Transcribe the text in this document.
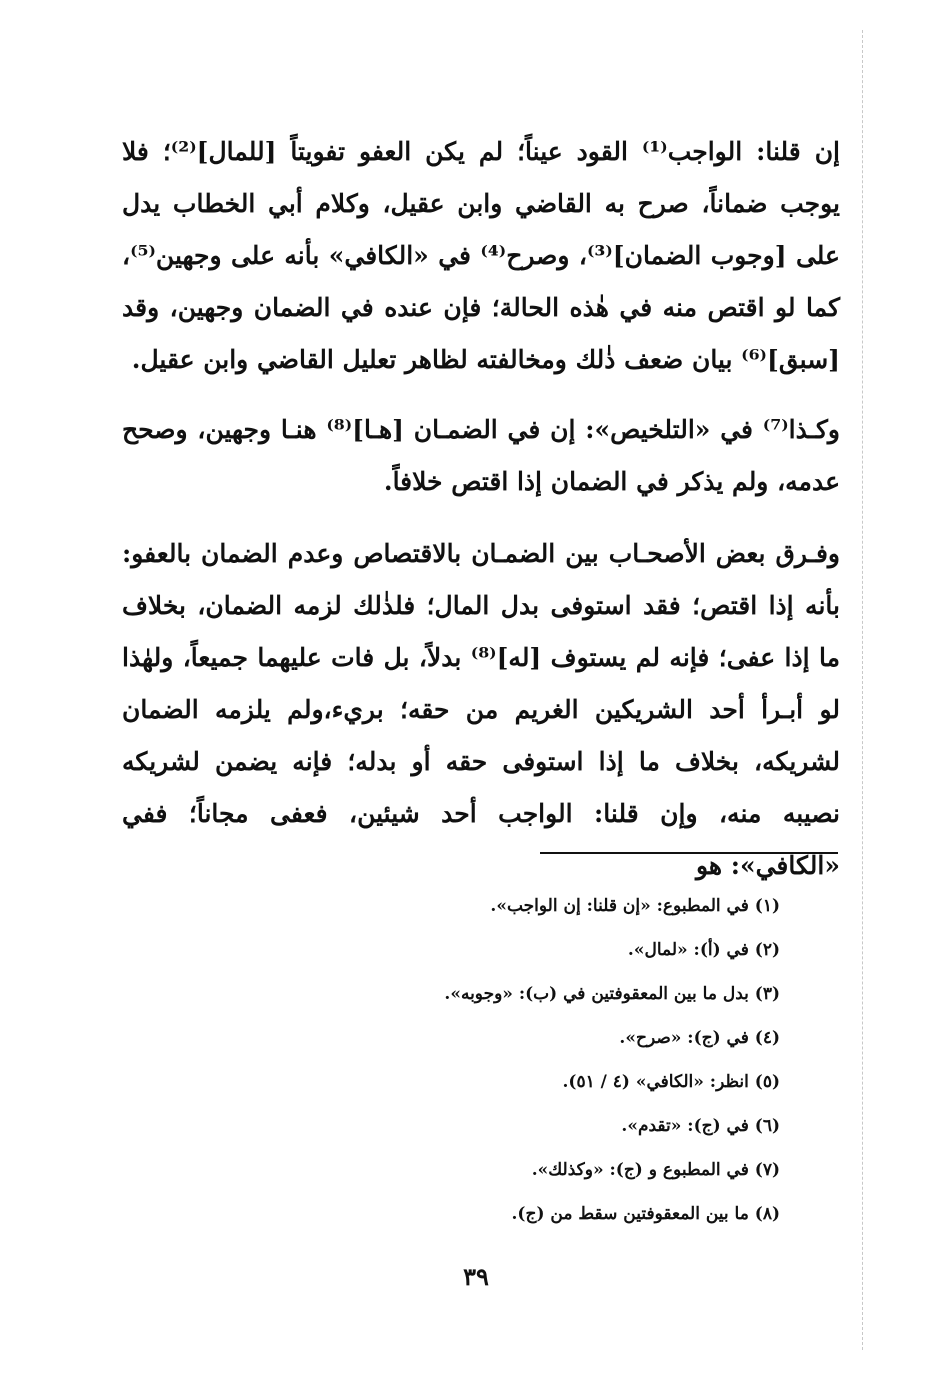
إن قلنا: الواجب⁽¹⁾ القود عيناً؛ لم يكن العفو تفويتاً [للمال]⁽²⁾؛ فلا يوجب ضماناً، صرح به القاضي وابن عقيل، وكلام أبي الخطاب يدل على [وجوب الضمان]⁽³⁾، وصرح⁽⁴⁾ في «الكافي» بأنه على وجهين⁽⁵⁾، كما لو اقتص منه في هٰذه الحالة؛ فإن عنده في الضمان وجهين، وقد [سبق]⁽⁶⁾ بيان ضعف ذٰلك ومخالفته لظاهر تعليل القاضي وابن عقيل.

وكـذا⁽⁷⁾ في «التلخيص»: إن في الضمـان [هـا]⁽⁸⁾ هنـا وجهين، وصحح عدمه، ولم يذكر في الضمان إذا اقتص خلافاً.

وفـرق بعض الأصحـاب بين الضمـان بالاقتصاص وعدم الضمان بالعفو: بأنه إذا اقتص؛ فقد استوفى بدل المال؛ فلذٰلك لزمه الضمان، بخلاف ما إذا عفى؛ فإنه لم يستوف [له]⁽⁸⁾ بدلاً، بل فات عليهما جميعاً، ولهٰذا لو أبـرأ أحد الشريكين الغريم من حقه؛ بريء،ولم يلزمه الضمان لشريكه، بخلاف ما إذا استوفى حقه أو بدله؛ فإنه يضمن لشريكه نصيبه منه، وإن قلنا: الواجب أحد شيئين، فعفى مجاناً؛ ففي «الكافي»: هو

(١) في المطبوع: «إن قلنا: إن الواجب».
(٢) في (أ): «لمال».
(٣) بدل ما بين المعقوفتين في (ب): «وجوبه».
(٤) في (ج): «صرح».
(٥) انظر: «الكافي» (٤ / ٥١).
(٦) في (ج): «تقدم».
(٧) في المطبوع و (ج): «وكذلك».
(٨) ما بين المعقوفتين سقط من (ج).
٣٩
